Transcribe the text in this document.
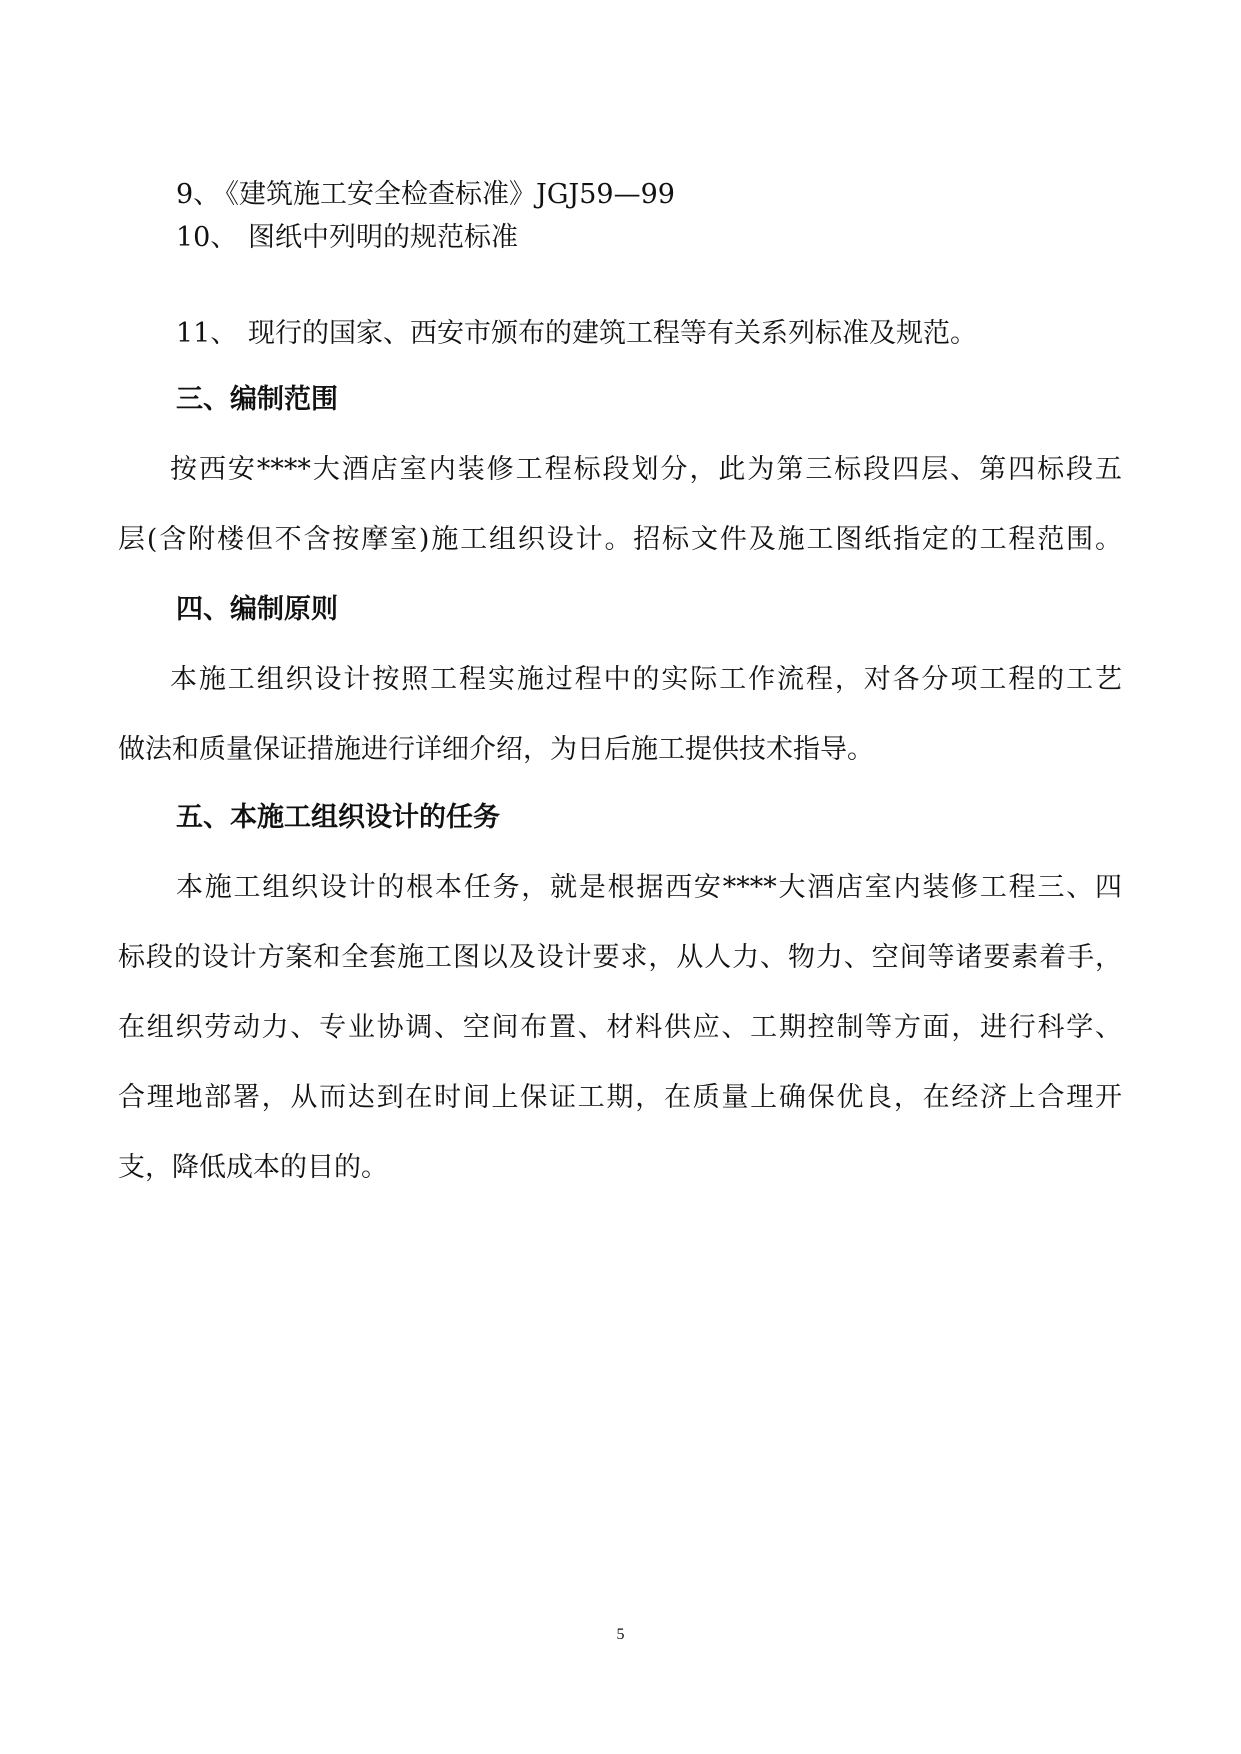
9、
《建筑施工安全检查标准》JGJ59—99
10、 图纸中列明的规范标准
11、 现行的国家、西安市颁布的建筑工程等有关系列标准及规范。
三、编制范围
按西安****大酒店室内装修工程标段划分，此为第三标段四层、第四标段五
层(含附楼但不含按摩室)施工组织设计。招标文件及施工图纸指定的工程范围。
四、编制原则
本施工组织设计按照工程实施过程中的实际工作流程，对各分项工程的工艺
做法和质量保证措施进行详细介绍，为日后施工提供技术指导。
五、本施工组织设计的任务
本施工组织设计的根本任务，就是根据西安****大酒店室内装修工程三、四
标段的设计方案和全套施工图以及设计要求，从人力、物力、空间等诸要素着手，
在组织劳动力、专业协调、空间布置、材料供应、工期控制等方面，进行科学、
合理地部署，从而达到在时间上保证工期，在质量上确保优良，在经济上合理开
支，降低成本的目的。
5
